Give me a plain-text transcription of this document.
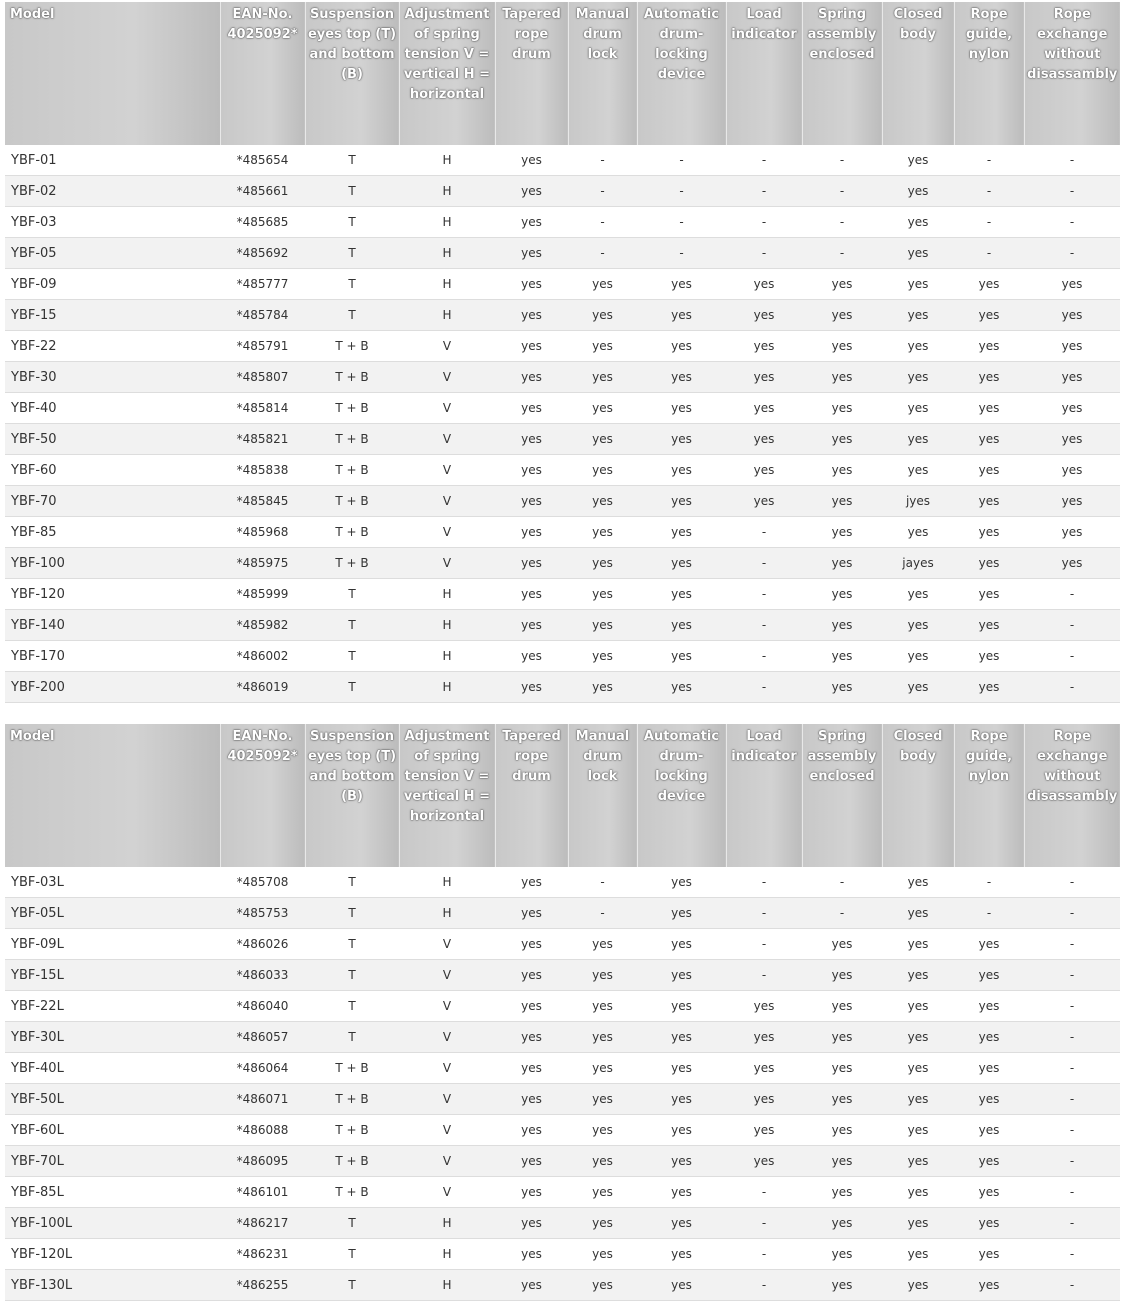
Model	EAN-No. 4025092*	Suspension eyes top (T) and bottom (B)	Adjustment of spring tension V = vertical H = horizontal	Tapered rope drum	Manual drum lock	Automatic drum-locking device	Load indicator	Spring assembly enclosed	Closed body	Rope guide, nylon	Rope exchange without disassambly
YBF-01	*485654	T	H	yes	-	-	-	-	yes	-	-
YBF-02	*485661	T	H	yes	-	-	-	-	yes	-	-
YBF-03	*485685	T	H	yes	-	-	-	-	yes	-	-
YBF-05	*485692	T	H	yes	-	-	-	-	yes	-	-
YBF-09	*485777	T	H	yes	yes	yes	yes	yes	yes	yes	yes
YBF-15	*485784	T	H	yes	yes	yes	yes	yes	yes	yes	yes
YBF-22	*485791	T + B	V	yes	yes	yes	yes	yes	yes	yes	yes
YBF-30	*485807	T + B	V	yes	yes	yes	yes	yes	yes	yes	yes
YBF-40	*485814	T + B	V	yes	yes	yes	yes	yes	yes	yes	yes
YBF-50	*485821	T + B	V	yes	yes	yes	yes	yes	yes	yes	yes
YBF-60	*485838	T + B	V	yes	yes	yes	yes	yes	yes	yes	yes
YBF-70	*485845	T + B	V	yes	yes	yes	yes	yes	jyes	yes	yes
YBF-85	*485968	T + B	V	yes	yes	yes	-	yes	yes	yes	yes
YBF-100	*485975	T + B	V	yes	yes	yes	-	yes	jayes	yes	yes
YBF-120	*485999	T	H	yes	yes	yes	-	yes	yes	yes	-
YBF-140	*485982	T	H	yes	yes	yes	-	yes	yes	yes	-
YBF-170	*486002	T	H	yes	yes	yes	-	yes	yes	yes	-
YBF-200	*486019	T	H	yes	yes	yes	-	yes	yes	yes	-
Model	EAN-No. 4025092*	Suspension eyes top (T) and bottom (B)	Adjustment of spring tension V = vertical H = horizontal	Tapered rope drum	Manual drum lock	Automatic drum-locking device	Load indicator	Spring assembly enclosed	Closed body	Rope guide, nylon	Rope exchange without disassambly
YBF-03L	*485708	T	H	yes	-	yes	-	-	yes	-	-
YBF-05L	*485753	T	H	yes	-	yes	-	-	yes	-	-
YBF-09L	*486026	T	V	yes	yes	yes	-	yes	yes	yes	-
YBF-15L	*486033	T	V	yes	yes	yes	-	yes	yes	yes	-
YBF-22L	*486040	T	V	yes	yes	yes	yes	yes	yes	yes	-
YBF-30L	*486057	T	V	yes	yes	yes	yes	yes	yes	yes	-
YBF-40L	*486064	T + B	V	yes	yes	yes	yes	yes	yes	yes	-
YBF-50L	*486071	T + B	V	yes	yes	yes	yes	yes	yes	yes	-
YBF-60L	*486088	T + B	V	yes	yes	yes	yes	yes	yes	yes	-
YBF-70L	*486095	T + B	V	yes	yes	yes	yes	yes	yes	yes	-
YBF-85L	*486101	T + B	V	yes	yes	yes	-	yes	yes	yes	-
YBF-100L	*486217	T	H	yes	yes	yes	-	yes	yes	yes	-
YBF-120L	*486231	T	H	yes	yes	yes	-	yes	yes	yes	-
YBF-130L	*486255	T	H	yes	yes	yes	-	yes	yes	yes	-
